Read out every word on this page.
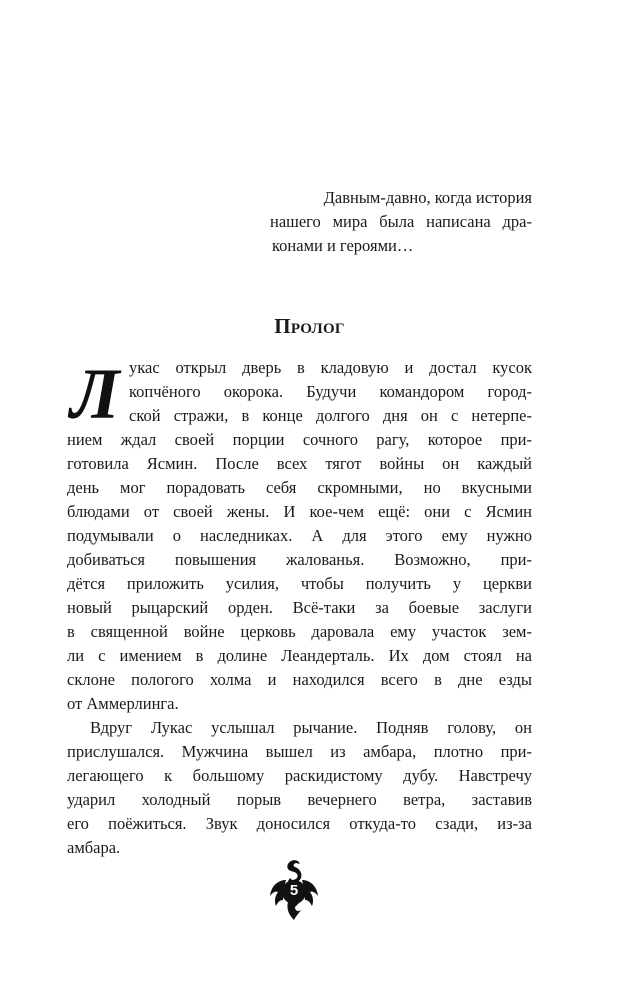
Давным-давно, когда история
нашего мира была написана дра-
конами и героями…
Пролог
Л укас открыл дверь в кладовую и достал кусок
копчёного окорока. Будучи командором город-
ской стражи, в конце долгого дня он с нетерпе-
нием ждал своей порции сочного рагу, которое при-
готовила Ясмин. После всех тягот войны он каждый
день мог порадовать себя скромными, но вкусными
блюдами от своей жены. И кое-чем ещё: они с Ясмин
подумывали о наследниках. А для этого ему нужно
добиваться повышения жалованья. Возможно, при-
дётся приложить усилия, чтобы получить у церкви
новый рыцарский орден. Всё-таки за боевые заслуги
в священной войне церковь даровала ему участок зем-
ли с имением в долине Леандерталь. Их дом стоял на
склоне пологого холма и находился всего в дне езды
от Аммерлинга.
Вдруг Лукас услышал рычание. Подняв голову, он
прислушался. Мужчина вышел из амбара, плотно при-
легающего к большому раскидистому дубу. Навстречу
ударил холодный порыв вечернего ветра, заставив
его поёжиться. Звук доносился откуда-то сзади, из-за
амбара.
5
